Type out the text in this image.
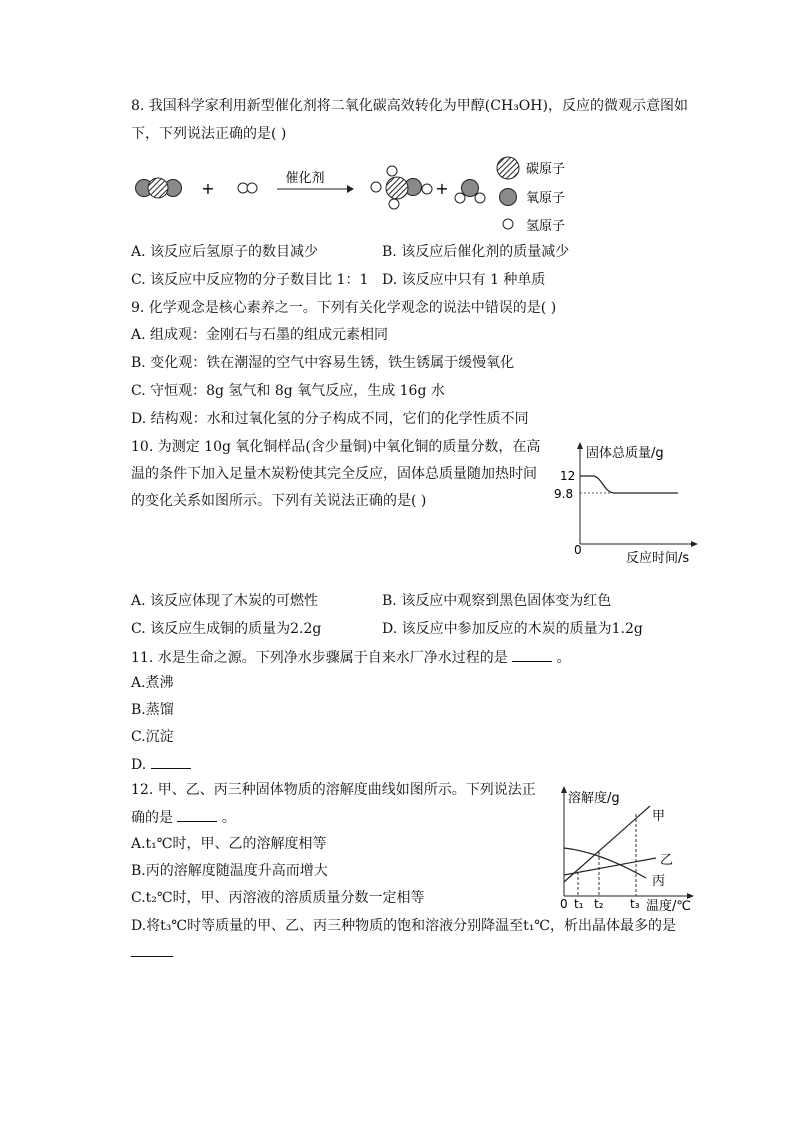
8. 我国科学家利用新型催化剂将二氧化碳高效转化为甲醇(CH₃OH)，反应的微观示意图如
下，下列说法正确的是( )
+
催化剂
+
碳原子
氧原子
氢原子
A. 该反应后氢原子的数目减少	B. 该反应后催化剂的质量减少
C. 该反应中反应物的分子数目比 1：1 D. 该反应中只有 1 种单质
9. 化学观念是核心素养之一。下列有关化学观念的说法中错误的是( )
A. 组成观：金刚石与石墨的组成元素相同
B. 变化观：铁在潮湿的空气中容易生锈，铁生锈属于缓慢氧化
C. 守恒观：8g 氢气和 8g 氧气反应，生成 16g 水
D. 结构观：水和过氧化氢的分子构成不同，它们的化学性质不同
10. 为测定 10g 氧化铜样品(含少量铜)中氧化铜的质量分数，在高
温的条件下加入足量木炭粉使其完全反应，固体总质量随加热时间
的变化关系如图所示。下列有关说法正确的是( )
固体总质量/g
反应时间/s
0
12
9.8
A. 该反应体现了木炭的可燃性	B. 该反应中观察到黑色固体变为红色
C. 该反应生成铜的质量为2.2g	D. 该反应中参加反应的木炭的质量为1.2g
11. 水是生命之源。下列净水步骤属于自来水厂净水过程的是	。
A.煮沸
B.蒸馏
C.沉淀
D.
12. 甲、乙、丙三种固体物质的溶解度曲线如图所示。下列说法正
确的是	。
A.t₁℃时，甲、乙的溶解度相等
B.丙的溶解度随温度升高而增大
C.t₂℃时，甲、丙溶液的溶质质量分数一定相等
D.将t₃℃时等质量的甲、乙、丙三种物质的饱和溶液分别降温至t₁℃，析出晶体最多的是
溶解度/g
温度/℃
0 t₁ t₂ t₃
甲
乙
丙
